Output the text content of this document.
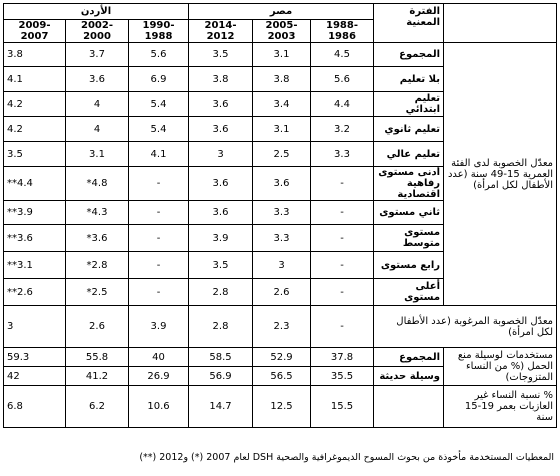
الأردن			مصر			الفترة المعنية	
2009-2007	2002-2000	1990-1988	2014-2012	2005-2003	1988-1986		
3.8	3.7	5.6	3.5	3.1	4.5	المجموع	معدّل الخصوبة لدى الفئة العمرية 15-49 سنة (عدد الأطفال لكل امرأة)
4.1	3.6	6.9	3.8	3.8	5.6	بلا تعليم	
4.2	4	5.4	3.6	3.4	4.4	تعليم ابتدائي	
4.2	4	5.4	3.6	3.1	3.2	تعليم ثانوي	
3.5	3.1	4.1	3	2.5	3.3	تعليم عالي	
**4.4	*4.8	-	3.6	3.6	-	أدنى مستوى رفاهية اقتصادية	
**3.9	*4.3	-	3.6	3.3	-	ثاني مستوى	
**3.6	*3.6	-	3.9	3.3	-	مستوى متوسط	
**3.1	*2.8	-	3.5	3	-	رابع مستوى	
**2.6	*2.5	-	2.8	2.6	-	أعلى مستوى	
3	2.6	3.9	2.8	2.3	-	معدّل الخصوبة المرغوبة (عدد الأطفال لكل امرأة)	
59.3	55.8	40	58.5	52.9	37.8	المجموع	مستخدمات لوسيلة منع الحمل (% من النساء المتزوجات)
42	41.2	26.9	56.9	56.5	35.5	وسيلة حديثة	
6.8	6.2	10.6	14.7	12.5	15.5		% نسبة النساء غير العازبات بعمر 19-15 سنة
المعطيات المستخدمة مأخوذة من بحوث المسوح الديموغرافية والصحية DSH لعام 2007 (*) و2012 (**)
